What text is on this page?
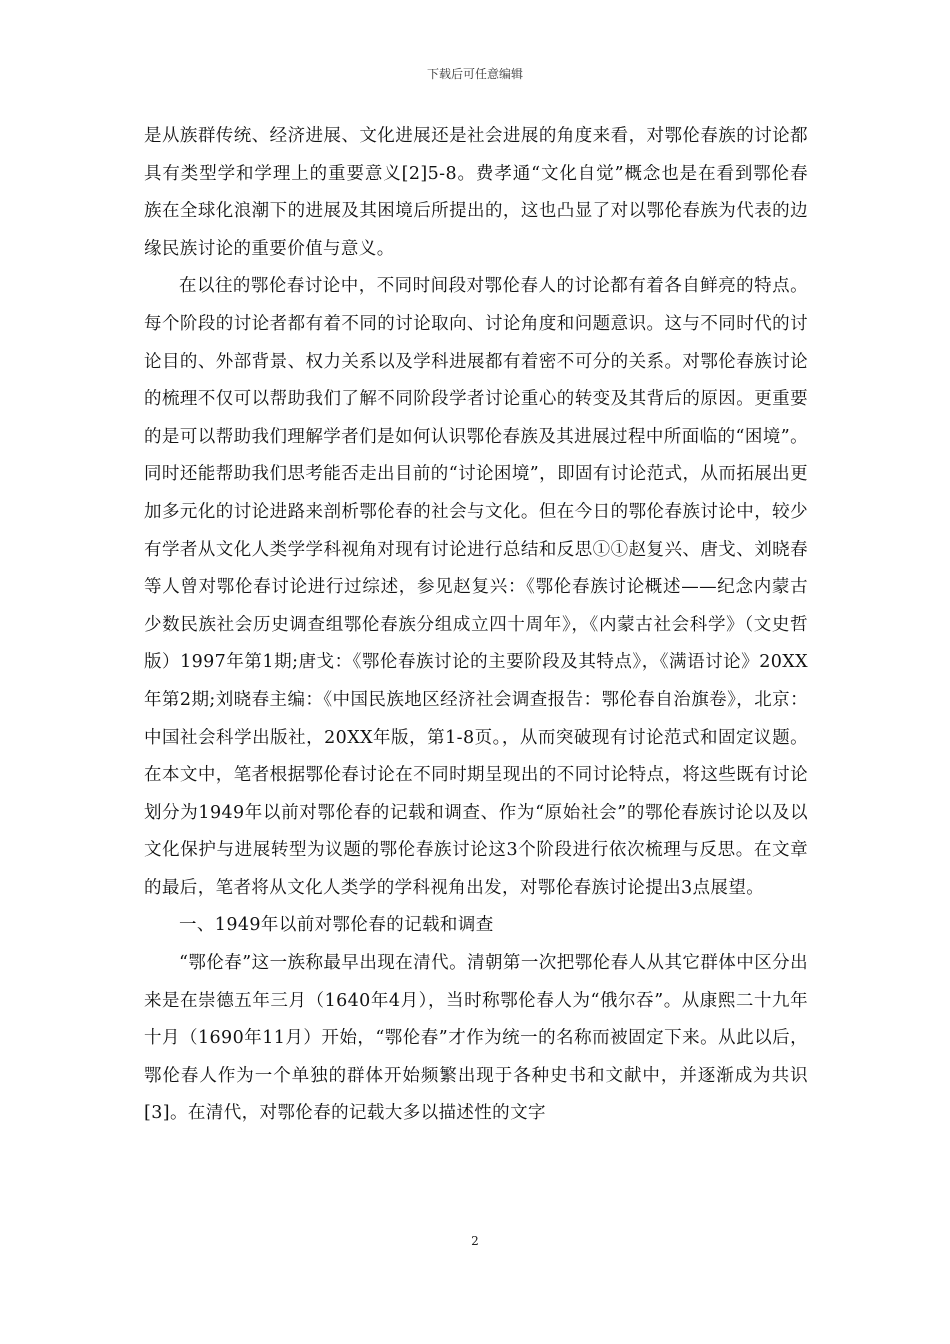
下载后可任意编辑

是从族群传统、经济进展、文化进展还是社会进展的角度来看，对鄂伦春族的讨论都具有类型学和学理上的重要意义[2]5-8。费孝通“文化自觉”概念也是在看到鄂伦春族在全球化浪潮下的进展及其困境后所提出的，这也凸显了对以鄂伦春族为代表的边缘民族讨论的重要价值与意义。

在以往的鄂伦春讨论中，不同时间段对鄂伦春人的讨论都有着各自鲜亮的特点。每个阶段的讨论者都有着不同的讨论取向、讨论角度和问题意识。这与不同时代的讨论目的、外部背景、权力关系以及学科进展都有着密不可分的关系。对鄂伦春族讨论的梳理不仅可以帮助我们了解不同阶段学者讨论重心的转变及其背后的原因。更重要的是可以帮助我们理解学者们是如何认识鄂伦春族及其进展过程中所面临的“困境”。同时还能帮助我们思考能否走出目前的“讨论困境”，即固有讨论范式，从而拓展出更加多元化的讨论进路来剖析鄂伦春的社会与文化。但在今日的鄂伦春族讨论中，较少有学者从文化人类学学科视角对现有讨论进行总结和反思①①赵复兴、唐戈、刘晓春等人曾对鄂伦春讨论进行过综述，参见赵复兴：《鄂伦春族讨论概述——纪念内蒙古少数民族社会历史调查组鄂伦春族分组成立四十周年》，《内蒙古社会科学》（文史哲版）1997年第1期;唐戈：《鄂伦春族讨论的主要阶段及其特点》，《满语讨论》20XX年第2期;刘晓春主编：《中国民族地区经济社会调查报告：鄂伦春自治旗卷》，北京：中国社会科学出版社，20XX年版，第1-8页。，从而突破现有讨论范式和固定议题。在本文中，笔者根据鄂伦春讨论在不同时期呈现出的不同讨论特点，将这些既有讨论划分为1949年以前对鄂伦春的记载和调查、作为“原始社会”的鄂伦春族讨论以及以文化保护与进展转型为议题的鄂伦春族讨论这3个阶段进行依次梳理与反思。在文章的最后，笔者将从文化人类学的学科视角出发，对鄂伦春族讨论提出3点展望。

一、1949年以前对鄂伦春的记载和调查

“鄂伦春”这一族称最早出现在清代。清朝第一次把鄂伦春人从其它群体中区分出来是在崇德五年三月（1640年4月），当时称鄂伦春人为“俄尔吞”。从康熙二十九年十月（1690年11月）开始，“鄂伦春”才作为统一的名称而被固定下来。从此以后，鄂伦春人作为一个单独的群体开始频繁出现于各种史书和文献中，并逐渐成为共识[3]。在清代，对鄂伦春的记载大多以描述性的文字

2
